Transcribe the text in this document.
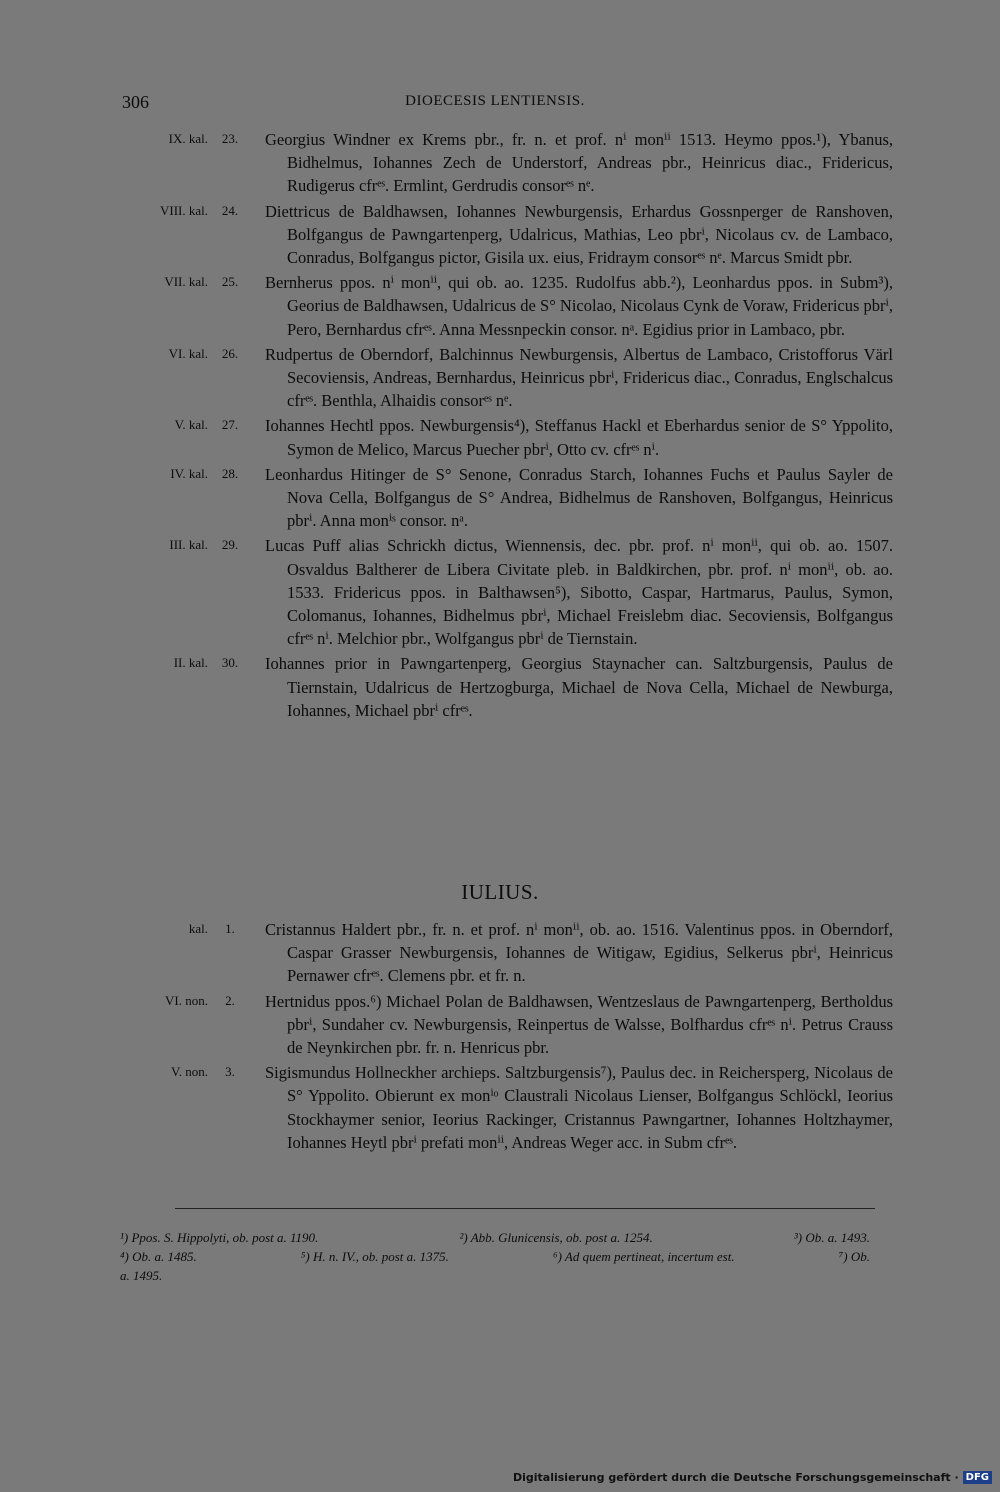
306	DIOECESIS LENTIENSIS.
IX. kal.	23.	Georgius Windner ex Krems pbr., fr. n. et prof. nⁱ monⁱⁱ 1513. Heymo ppos.¹), Ybanus, Bidhelmus, Iohannes Zech de Understorf, Andreas pbr., Heinricus diac., Fridericus, Rudigerus cfrᵉˢ. Ermlint, Gerdrudis consorᵉˢ nᵉ.
VIII. kal.	24.	Diettricus de Baldhawsen, Iohannes Newburgensis, Erhardus Gossnperger de Ranshoven, Bolfgangus de Pawngartenperg, Udalricus, Mathias, Leo pbrⁱ, Nicolaus cv. de Lambaco, Conradus, Bolfgangus pictor, Gisila ux. eius, Fridraym consorᵉˢ nᵉ. Marcus Smidt pbr.
VII. kal.	25.	Bernherus ppos. nⁱ monⁱⁱ, qui ob. ao. 1235. Rudolfus abb.²), Leonhardus ppos. in Subm³), Georius de Baldhawsen, Udalricus de S° Nicolao, Nicolaus Cynk de Voraw, Fridericus pbrⁱ, Pero, Bernhardus cfrᵉˢ. Anna Messnpeckin consor. nᵃ. Egidius prior in Lambaco, pbr.
VI. kal.	26.	Rudpertus de Oberndorf, Balchinnus Newburgensis, Albertus de Lambaco, Cristofforus Värl Secoviensis, Andreas, Bernhardus, Heinricus pbrⁱ, Fridericus diac., Conradus, Englschalcus cfrᵉˢ. Benthla, Alhaidis consorᵉˢ nᵉ.
V. kal.	27.	Iohannes Hechtl ppos. Newburgensis⁴), Steffanus Hackl et Eberhardus senior de S° Yppolito, Symon de Melico, Marcus Puecher pbrⁱ, Otto cv. cfrᵉˢ nⁱ.
IV. kal.	28.	Leonhardus Hitinger de S° Senone, Conradus Starch, Iohannes Fuchs et Paulus Sayler de Nova Cella, Bolfgangus de S° Andrea, Bidhelmus de Ranshoven, Bolfgangus, Heinricus pbrⁱ. Anna monⁱˢ consor. nᵃ.
III. kal.	29.	Lucas Puff alias Schrickh dictus, Wiennensis, dec. pbr. prof. nⁱ monⁱⁱ, qui ob. ao. 1507. Osvaldus Baltherer de Libera Civitate pleb. in Baldkirchen, pbr. prof. nⁱ monⁱⁱ, ob. ao. 1533. Fridericus ppos. in Balthawsen⁵), Sibotto, Caspar, Hartmarus, Paulus, Symon, Colomanus, Iohannes, Bidhelmus pbrⁱ, Michael Freislebm diac. Secoviensis, Bolfgangus cfrᵉˢ nⁱ. Melchior pbr., Wolfgangus pbrⁱ de Tiernstain.
II. kal.	30.	Iohannes prior in Pawngartenperg, Georgius Staynacher can. Saltzburgensis, Paulus de Tiernstain, Udalricus de Hertzogburga, Michael de Nova Cella, Michael de Newburga, Iohannes, Michael pbrⁱ cfrᵉˢ.
IULIUS.
kal.	1.	Cristannus Haldert pbr., fr. n. et prof. nⁱ monⁱⁱ, ob. ao. 1516. Valentinus ppos. in Oberndorf, Caspar Grasser Newburgensis, Iohannes de Witigaw, Egidius, Selkerus pbrⁱ, Heinricus Pernawer cfrᵉˢ. Clemens pbr. et fr. n.
VI. non.	2.	Hertnidus ppos.⁶) Michael Polan de Baldhawsen, Wentzeslaus de Pawngartenperg, Bertholdus pbrⁱ, Sundaher cv. Newburgensis, Reinpertus de Walsse, Bolfhardus cfrᵉˢ nⁱ. Petrus Crauss de Neynkirchen pbr. fr. n. Henricus pbr.
V. non.	3.	Sigismundus Hollneckher archieps. Saltzburgensis⁷), Paulus dec. in Reichersperg, Nicolaus de S° Yppolito. Obierunt ex monⁱᵒ Claustrali Nicolaus Lienser, Bolfgangus Schlöckl, Ieorius Stockhaymer senior, Ieorius Rackinger, Cristannus Pawngartner, Iohannes Holtzhaymer, Iohannes Heytl pbrⁱ prefati monⁱⁱ, Andreas Weger acc. in Subm cfrᵉˢ.
¹) Ppos. S. Hippolyti, ob. post a. 1190.	²) Abb. Glunicensis, ob. post a. 1254.	³) Ob. a. 1493.
⁴) Ob. a. 1485.	⁵) H. n. IV., ob. post a. 1375.	⁶) Ad quem pertineat, incertum est.	⁷) Ob.
a. 1495.
Digitalisierung gefördert durch die Deutsche Forschungsgemeinschaft · DFG
